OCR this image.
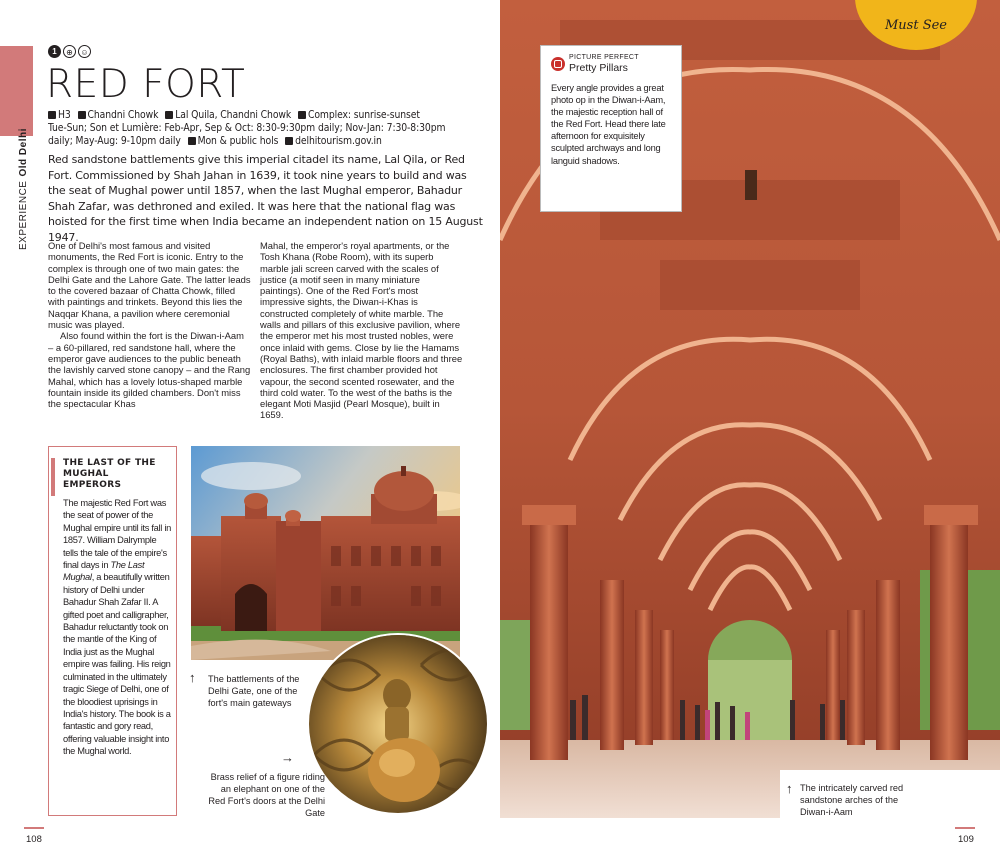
EXPERIENCEOld Delhi
1	⊕ ☺
RED FORT
H3 Chandni Chowk Lal Quila, Chandni Chowk Complex: sunrise-sunset
Tue-Sun; Son et Lumière: Feb-Apr, Sep & Oct: 8:30-9:30pm daily; Nov-Jan: 7:30-8:30pm
daily; May-Aug: 9-10pm daily Mon & public hols delhitourism.gov.in

Red sandstone battlements give this imperial citadel its name, Lal Qila, or Red Fort. Commissioned by Shah Jahan in 1639, it took nine years to build and was the seat of Mughal power until 1857, when the last Mughal emperor, Bahadur Shah Zafar, was dethroned and exiled. It was here that the national flag was hoisted for the first time when India became an independent nation on 15 August 1947.

One of Delhi's most famous and visited monuments, the Red Fort is iconic. Entry to the complex is through one of two main gates: the Delhi Gate and the Lahore Gate. The latter leads to the covered bazaar of Chatta Chowk, filled with paintings and trinkets. Beyond this lies the Naqqar Khana, a pavilion where ceremonial music was played.

Also found within the fort is the Diwan-i-Aam – a 60-pillared, red sandstone hall, where the emperor gave audiences to the public beneath the lavishly carved stone canopy – and the Rang Mahal, which has a lovely lotus-shaped marble fountain inside its gilded chambers. Don't miss the spectacular Khas

Mahal, the emperor's royal apartments, or the Tosh Khana (Robe Room), with its superb marble jali screen carved with the scales of justice (a motif seen in many miniature paintings). One of the Red Fort's most impressive sights, the Diwan-i-Khas is constructed completely of white marble. The walls and pillars of this exclusive pavilion, where the emperor met his most trusted nobles, were once inlaid with gems. Close by lie the Hamams (Royal Baths), with inlaid marble floors and three enclosures. The first chamber provided hot vapour, the second scented rosewater, and the third cold water. To the west of the baths is the elegant Moti Masjid (Pearl Mosque), built in 1659.

THE LAST OF THE MUGHAL EMPERORS
The majestic Red Fort was the seat of power of the Mughal empire until its fall in 1857. William Dalrymple tells the tale of the empire's final days in The Last Mughal, a beautifully written history of Delhi under Bahadur Shah Zafar II. A gifted poet and calligrapher, Bahadur reluctantly took on the mantle of the King of India just as the Mughal empire was failing. His reign culminated in the ultimately tragic Siege of Delhi, one of the bloodiest uprisings in India's history. The book is a fantastic and gory read, offering valuable insight into the Mughal world.
↑ The battlements of the Delhi Gate, one of the fort's main gateways
→
Brass relief of a figure riding an elephant on one of the Red Fort's doors at the Delhi Gate
108
Must See
PICTURE PERFECT
Pretty Pillars
Every angle provides a great photo op in the Diwan-i-Aam, the majestic reception hall of the Red Fort. Head there late afternoon for exquisitely sculpted archways and long languid shadows.
↑ The intricately carved red sandstone arches of the Diwan-i-Aam
109
